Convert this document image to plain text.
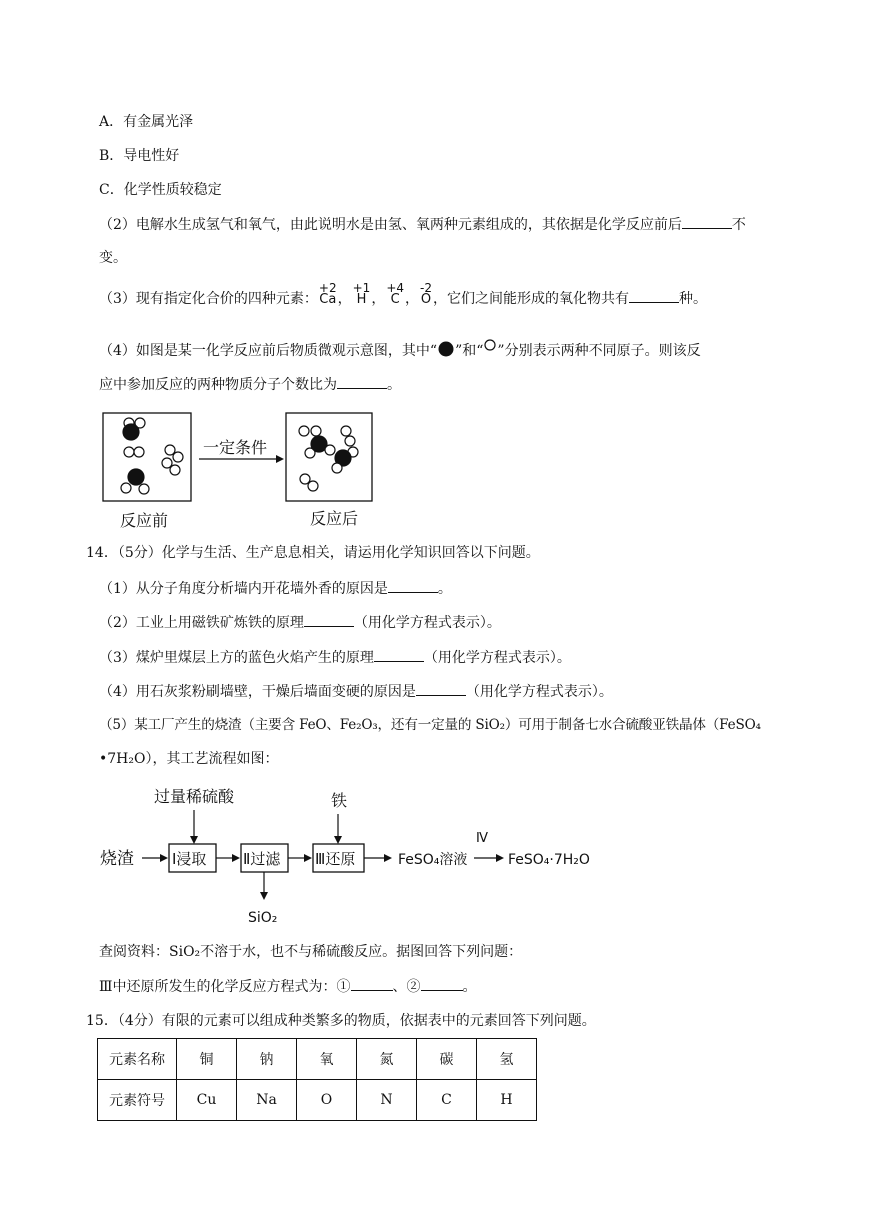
A．有金属光泽
B．导电性好
C．化学性质较稳定
（2）电解水生成氢气和氧气，由此说明水是由氢、氧两种元素组成的，其依据是化学反应前后	不
变。
（3）现有指定化合价的四种元素：
+2
Ca，
+1
H ，
+4
C ，
-2
O ，它们之间能形成的氧化物共有	种。
（4）如图是某一化学反应前后物质微观示意图，其中“ ”和“ ”分别表示两种不同原子。则该反
应中参加反应的两种物质分子个数比为	。
一定条件
反应前	反应后
14．（5分）化学与生活、生产息息相关，请运用化学知识回答以下问题。
（1）从分子角度分析墙内开花墙外香的原因是	。
（2）工业上用磁铁矿炼铁的原理	（用化学方程式表示）。
（3）煤炉里煤层上方的蓝色火焰产生的原理	（用化学方程式表示）。
（4）用石灰浆粉刷墙壁，干燥后墙面变硬的原因是	（用化学方程式表示）。
（5）某工厂产生的烧渣（主要含 FeO、Fe₂O₃，还有一定量的 SiO₂）可用于制备七水合硫酸亚铁晶体（FeSO₄
•7H₂O），其工艺流程如图：
过量稀硫酸	铁
烧渣	Ⅰ浸取 Ⅱ过滤
SiO₂
Ⅲ还原	FeSO₄溶液
Ⅳ
FeSO₄·7H₂O
查阅资料：SiO₂不溶于水，也不与稀硫酸反应。据图回答下列问题：
Ⅲ中还原所发生的化学反应方程式为：①	、②	。
15．（4分）有限的元素可以组成种类繁多的物质，依据表中的元素回答下列问题。
元素名称	铜	钠	氧	氮	碳	氢
元素符号	Cu	Na	O	N	C	H
